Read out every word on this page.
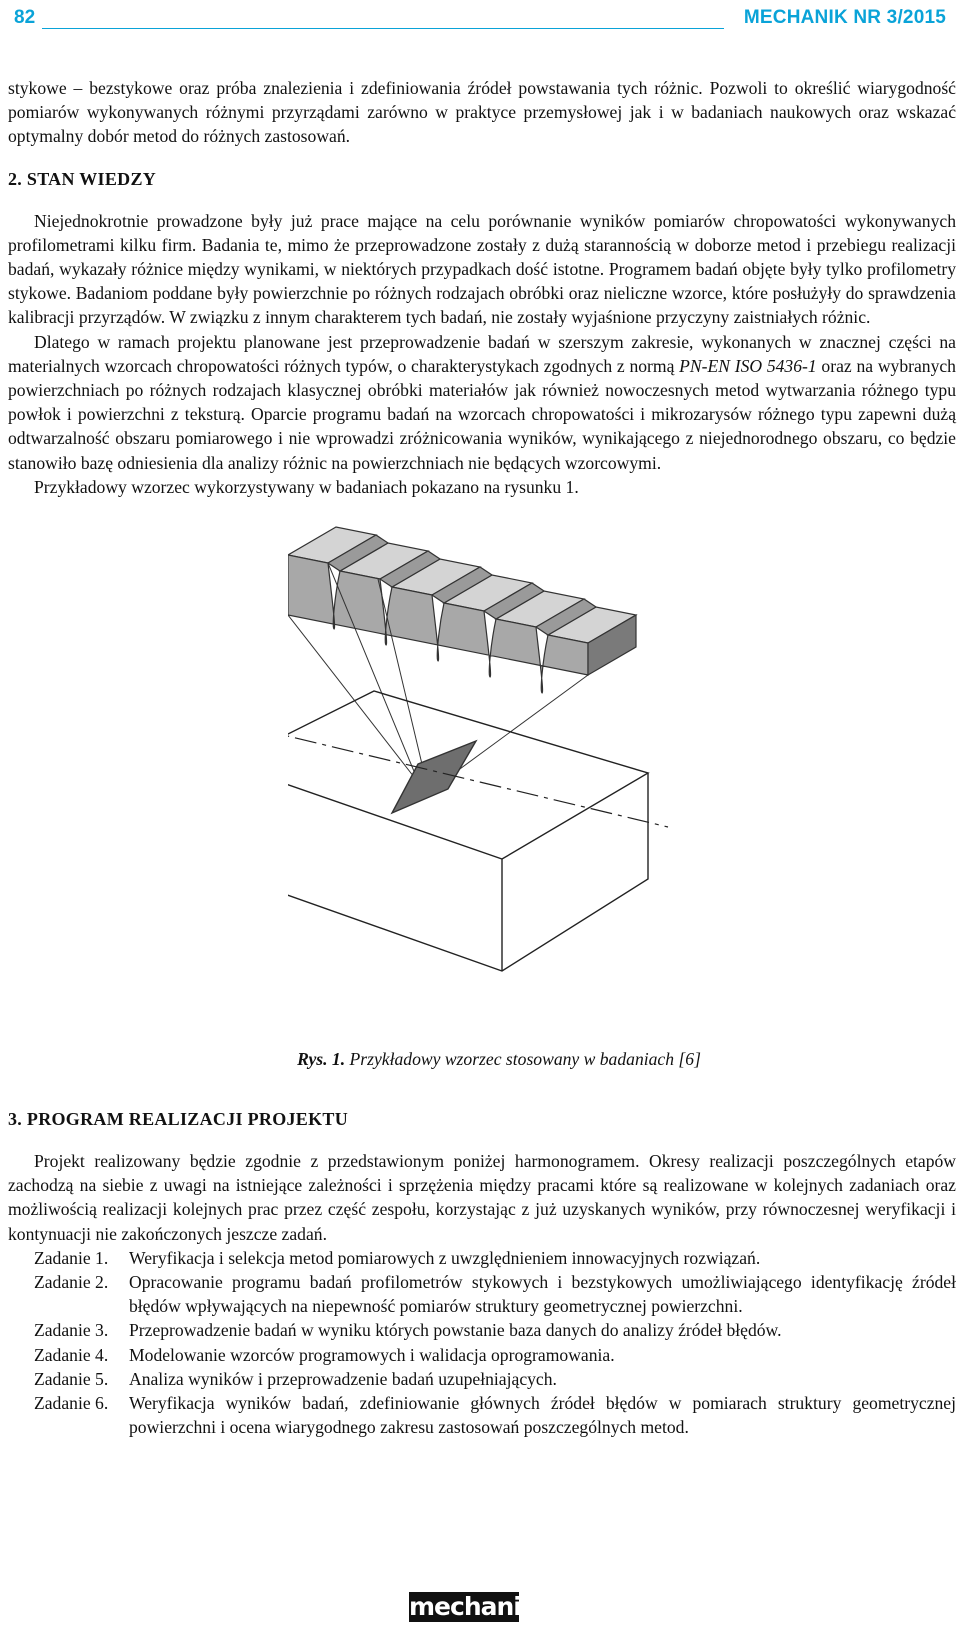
82	MECHANIK NR 3/2015

stykowe – bezstykowe oraz próba znalezienia i zdefiniowania źródeł powstawania tych różnic. Pozwoli to określić wiarygodność pomiarów wykonywanych różnymi przyrządami zarówno w praktyce przemysłowej jak i w badaniach naukowych oraz wskazać optymalny dobór metod do różnych zastosowań.

2. STAN WIEDZY

Niejednokrotnie prowadzone były już prace mające na celu porównanie wyników pomiarów chropowatości wykonywanych profilometrami kilku firm. Badania te, mimo że przeprowadzone zostały z dużą starannością w doborze metod i przebiegu realizacji badań, wykazały różnice między wynikami, w niektórych przypadkach dość istotne. Programem badań objęte były tylko profilometry stykowe. Badaniom poddane były powierzchnie po różnych rodzajach obróbki oraz nieliczne wzorce, które posłużyły do sprawdzenia kalibracji przyrządów. W związku z innym charakterem tych badań, nie zostały wyjaśnione przyczyny zaistniałych różnic.

Dlatego w ramach projektu planowane jest przeprowadzenie badań w szerszym zakresie, wykonanych w znacznej części na materialnych wzorcach chropowatości różnych typów, o charakterystykach zgodnych z normą PN-EN ISO 5436-1 oraz na wybranych powierzchniach po różnych rodzajach klasycznej obróbki materiałów jak również nowoczesnych metod wytwarzania różnego typu powłok i powierzchni z teksturą. Oparcie programu badań na wzorcach chropowatości i mikrozarysów różnego typu zapewni dużą odtwarzalność obszaru pomiarowego i nie wprowadzi zróżnicowania wyników, wynikającego z niejednorodnego obszaru, co będzie stanowiło bazę odniesienia dla analizy różnic na powierzchniach nie będących wzorcowymi.

Przykładowy wzorzec wykorzystywany w badaniach pokazano na rysunku 1.

Rys. 1. Przykładowy wzorzec stosowany w badaniach [6]
3. PROGRAM REALIZACJI PROJEKTU

Projekt realizowany będzie zgodnie z przedstawionym poniżej harmonogramem. Okresy realizacji poszczególnych etapów zachodzą na siebie z uwagi na istniejące zależności i sprzężenia między pracami które są realizowane w kolejnych zadaniach oraz możliwością realizacji kolejnych prac przez część zespołu, korzystając z już uzyskanych wyników, przy równoczesnej weryfikacji i kontynuacji nie zakończonych jeszcze zadań.

Zadanie 1.	Weryfikacja i selekcja metod pomiarowych z uwzględnieniem innowacyjnych rozwiązań.
Zadanie 2.	Opracowanie programu badań profilometrów stykowych i bezstykowych umożliwiającego identyfikację źródeł błędów wpływających na niepewność pomiarów struktury geometrycznej powierzchni.
Zadanie 3.	Przeprowadzenie badań w wyniku których powstanie baza danych do analizy źródeł błędów.
Zadanie 4.	Modelowanie wzorców programowych i walidacja oprogramowania.
Zadanie 5.	Analiza wyników i przeprowadzenie badań uzupełniających.
Zadanie 6.	Weryfikacja wyników badań, zdefiniowanie głównych źródeł błędów w pomiarach struktury geometrycznej powierzchni i ocena wiarygodnego zakresu zastosowań poszczególnych metod.
mechanik
